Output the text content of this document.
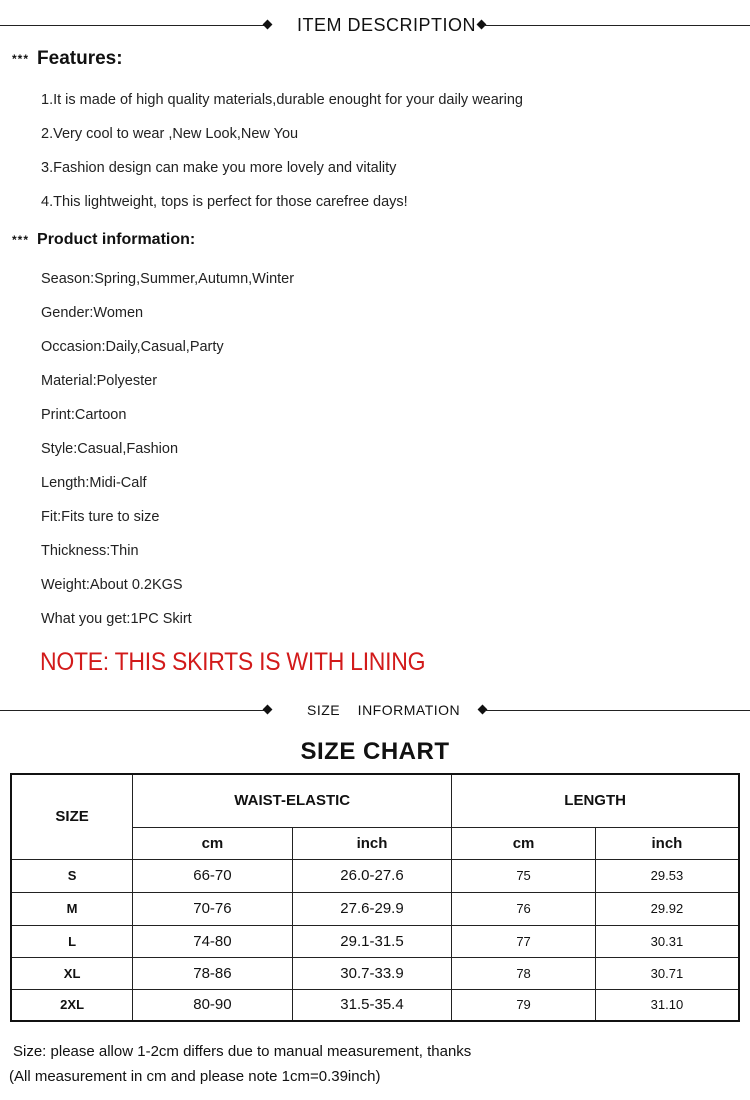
ITEM DESCRIPTION
*** Features:
1.It is made of high quality materials,durable enought for your daily wearing
2.Very cool to wear ,New Look,New You
3.Fashion design can make you more lovely and vitality
4.This lightweight, tops is perfect for those carefree days!
*** Product information:
Season:Spring,Summer,Autumn,Winter
Gender:Women
Occasion:Daily,Casual,Party
Material:Polyester
Print:Cartoon
Style:Casual,Fashion
Length:Midi-Calf
Fit:Fits ture to size
Thickness:Thin
Weight:About 0.2KGS
What you get:1PC Skirt
NOTE: THIS SKIRTS IS WITH LINING
SIZE    INFORMATION
SIZE CHART
SIZE	WAIST-ELASTIC		LENGTH	
	cm	inch	cm	inch
S	66-70	26.0-27.6	75	29.53
M	70-76	27.6-29.9	76	29.92
L	74-80	29.1-31.5	77	30.31
XL	78-86	30.7-33.9	78	30.71
2XL	80-90	31.5-35.4	79	31.10
Size: please allow 1-2cm differs due to manual measurement, thanks
(All measurement in cm and please note 1cm=0.39inch)
